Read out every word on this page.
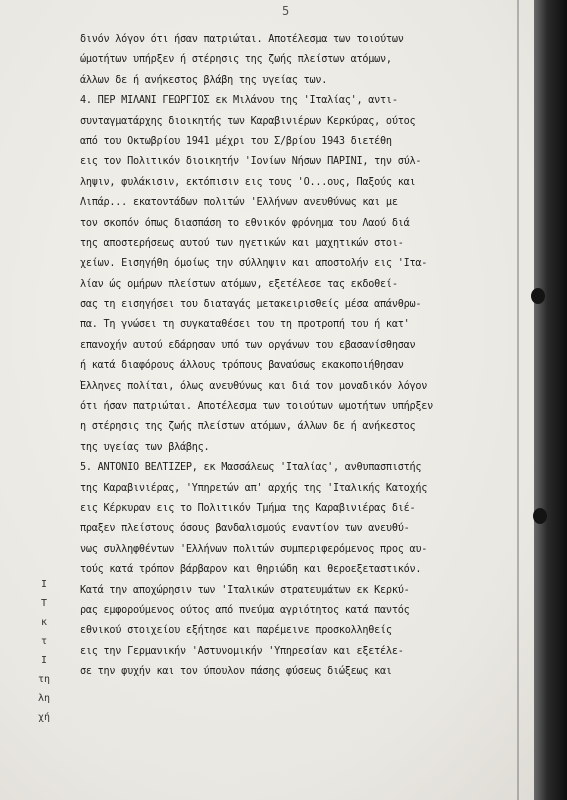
5
δινόν λόγον ότι ήσαν πατριώται. Αποτέλεσμα των τοιούτων
ώμοτήτων υπήρξεν ή στέρησις της ζωής πλείστων ατόμων,
άλλων δε ή ανήκεστος βλάβη της υγείας των.
4. ΠΕΡ ΜΙΛΑΝΙ ΓΕΩΡΓΙΟΣ εκ Μιλάνου της 'Ιταλίας', αντι-
συνταγματάρχης διοικητής των Καραβινιέρων Κερκύρας, ούτος
από του Οκτωβρίου 1941 μέχρι του Σ/βρίου 1943 διετέθη
εις τον Πολιτικόν διοικητήν 'Ιονίων Νήσων ΠΑΡΙΝΙ, την σύλ-
ληψιν, φυλάκισιν, εκτόπισιν εις τους 'Ο...ους, Παξούς και
Λιπάρ... εκατοντάδων πολιτών 'Ελλήνων ανευθύνως και με
τον σκοπόν όπως διασπάση το εθνικόν φρόνημα του Λαού διά
της αποστερήσεως αυτού των ηγετικών και μαχητικών στοι-
χείων. Εισηγήθη όμοίως την σύλληψιν και αποστολήν εις 'Ιτα-
λίαν ώς ομήρων πλείστων ατόμων, εξετέλεσε τας εκδοθεί-
σας τη εισηγήσει του διαταγάς μετακειρισθείς μέσα απάνθρω-
πα. Τη γνώσει τη συγκαταθέσει του τη προτροπή του ή κατ'
επανοχήν αυτού εδάρησαν υπό των οργάνων του εβασανίσθησαν
ή κατά διαφόρους άλλους τρόπους βαναύσως εκακοποιήθησαν
Έλληνες πολίται, όλως ανευθύνως και διά τον μοναδικόν λόγον
ότι ήσαν πατριώται. Αποτέλεσμα των τοιούτων ωμοτήτων υπήρξεν
η στέρησις της ζωής πλείστων ατόμων, άλλων δε ή ανήκεστος
της υγείας των βλάβης.
5. ΑΝΤΟΝΙΟ ΒΕΛΤΙΖΕΡ, εκ Μασσάλεως 'Ιταλίας', ανθυπασπιστής
της Καραβινιέρας, 'Υπηρετών απ' αρχής της 'Ιταλικής Κατοχής
εις Κέρκυραν εις το Πολιτικόν Τμήμα της Καραβινιέρας διέ-
πραξεν πλείστους όσους βανδαλισμούς εναντίον των ανευθύ-
νως συλληφθέντων 'Ελλήνων πολιτών συμπεριφερόμενος προς αυ-
τούς κατά τρόπον βάρβαρον και θηριώδη και θεροεξεταστικόν.
Κατά την αποχώρησιν των 'Ιταλικών στρατευμάτων εκ Κερκύ-
ρας εμφορούμενος ούτος από πνεύμα αγριότητος κατά παντός
εθνικού στοιχείου εξήτησε και παρέμεινε προσκολληθείς
εις την Γερμανικήν 'Αστυνομικήν 'Υπηρεσίαν και εξετέλε-
σε την φυχήν και τον ύπουλον πάσης φύσεως διώξεως και
Ι
Τ
κ
τ
Ι
τη
λη
χή
